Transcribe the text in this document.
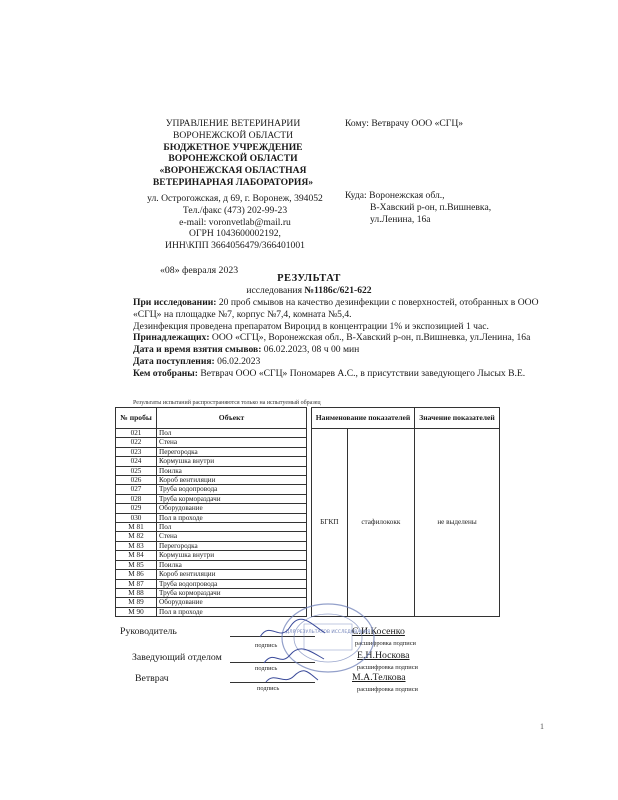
УПРАВЛЕНИЕ ВЕТЕРИНАРИИ
ВОРОНЕЖСКОЙ ОБЛАСТИ
БЮДЖЕТНОЕ УЧРЕЖДЕНИЕ
ВОРОНЕЖСКОЙ ОБЛАСТИ
«ВОРОНЕЖСКАЯ ОБЛАСТНАЯ
ВЕТЕРИНАРНАЯ ЛАБОРАТОРИЯ»
ул. Острогожская, д 69, г. Воронеж, 394052
Тел./факс (473) 202-99-23
e-mail: voronvetlab@mail.ru
ОГРН 1043600002192,
ИНН\КПП 3664056479/366401001
Кому: Ветврачу ООО «СГЦ»
Куда: Воронежская обл.,
В-Хавский р-он, п.Вишневка,
ул.Ленина, 16а
«08» февраля 2023
РЕЗУЛЬТАТ
исследования №1186с/621-622

При исследовании: 20 проб смывов на качество дезинфекции с поверхностей, отобранных в ООО «СГЦ» на площадке №7, корпус №7,4, комната №5,4.

Дезинфекция проведена препаратом Вироцид в концентрации 1% и экспозицией 1 час.

Принадлежащих: ООО «СГЦ», Воронежская обл., В-Хавский р-он, п.Вишневка, ул.Ленина, 16а

Дата и время взятия смывов: 06.02.2023, 08 ч 00 мин

Дата поступления: 06.02.2023

Кем отобраны: Ветврач ООО «СГЦ» Пономарев А.С., в присутствии заведующего Лысых В.Е.

Результаты испытаний распространяются только на испытуемый образец
№ пробы	Объект		Наименование показателей		Значение показателей
021	Пол		БГКП	стафилококк	не выделены
022	Стена				
023	Перегородка				
024	Кормушка внутри				
025	Поилка				
026	Короб вентиляции				
027	Труба водопровода				
028	Труба кормораздачи				
029	Оборудование				
030	Пол в проходе				
M 81	Пол				
M 82	Стена				
M 83	Перегородка				
M 84	Кормушка внутри				
M 85	Поилка				
M 86	Короб вентиляции				
M 87	Труба водопровода				
M 88	Труба кормораздачи				
M 89	Оборудование				
M 90	Пол в проходе				
Руководитель	С.И.Косенко
подпись	расшифровка подписи
Заведующий отделом	Е.Н.Носкова
подпись	расшифровка подписи
Ветврач	М.А.Телкова
подпись	расшифровка подписи
ДЛЯ РЕЗУЛЬТАТОВ ИССЛЕДОВАНИЯ
1
